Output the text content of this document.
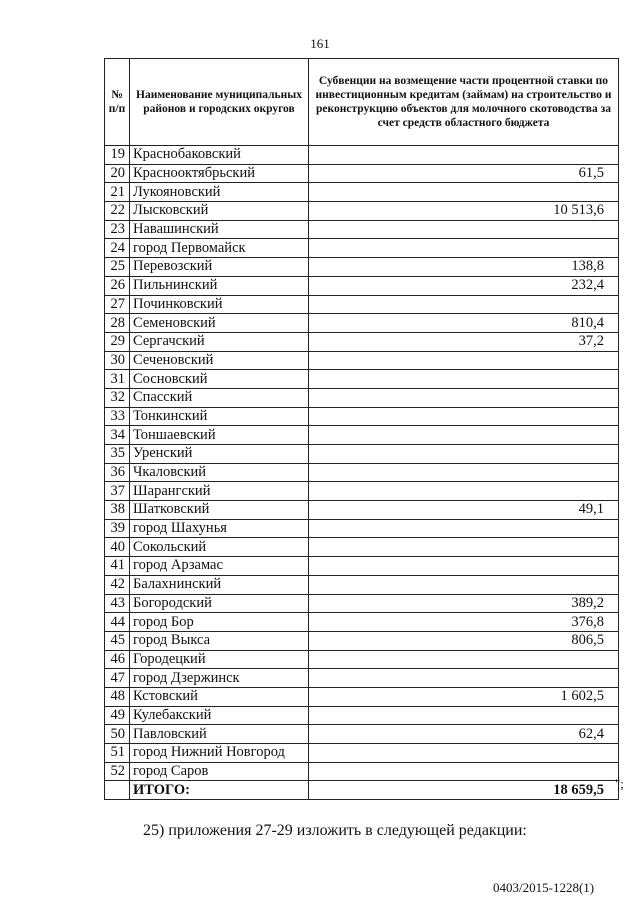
161
№ п/п	Наименование муниципальных районов и городских округов	Субвенции на возмещение части процентной ставки по инвестиционным кредитам (займам) на строительство и реконструкцию объектов для молочного скотоводства за счет средств областного бюджета
19	Краснобаковский	
20	Краснооктябрьский	61,5
21	Лукояновский	
22	Лысковский	10 513,6
23	Навашинский	
24	город Первомайск	
25	Перевозский	138,8
26	Пильнинский	232,4
27	Починковский	
28	Семеновский	810,4
29	Сергачский	37,2
30	Сеченовский	
31	Сосновский	
32	Спасский	
33	Тонкинский	
34	Тоншаевский	
35	Уренский	
36	Чкаловский	
37	Шарангский	
38	Шатковский	49,1
39	город Шахунья	
40	Сокольский	
41	город Арзамас	
42	Балахнинский	
43	Богородский	389,2
44	город Бор	376,8
45	город Выкса	806,5
46	Городецкий	
47	город Дзержинск	
48	Кстовский	1 602,5
49	Кулебакский	
50	Павловский	62,4
51	город Нижний Новгород	
52	город Саров	
	ИТОГО:	18 659,5 ";
25) приложения 27-29 изложить в следующей редакции:
0403/2015-1228(1)
